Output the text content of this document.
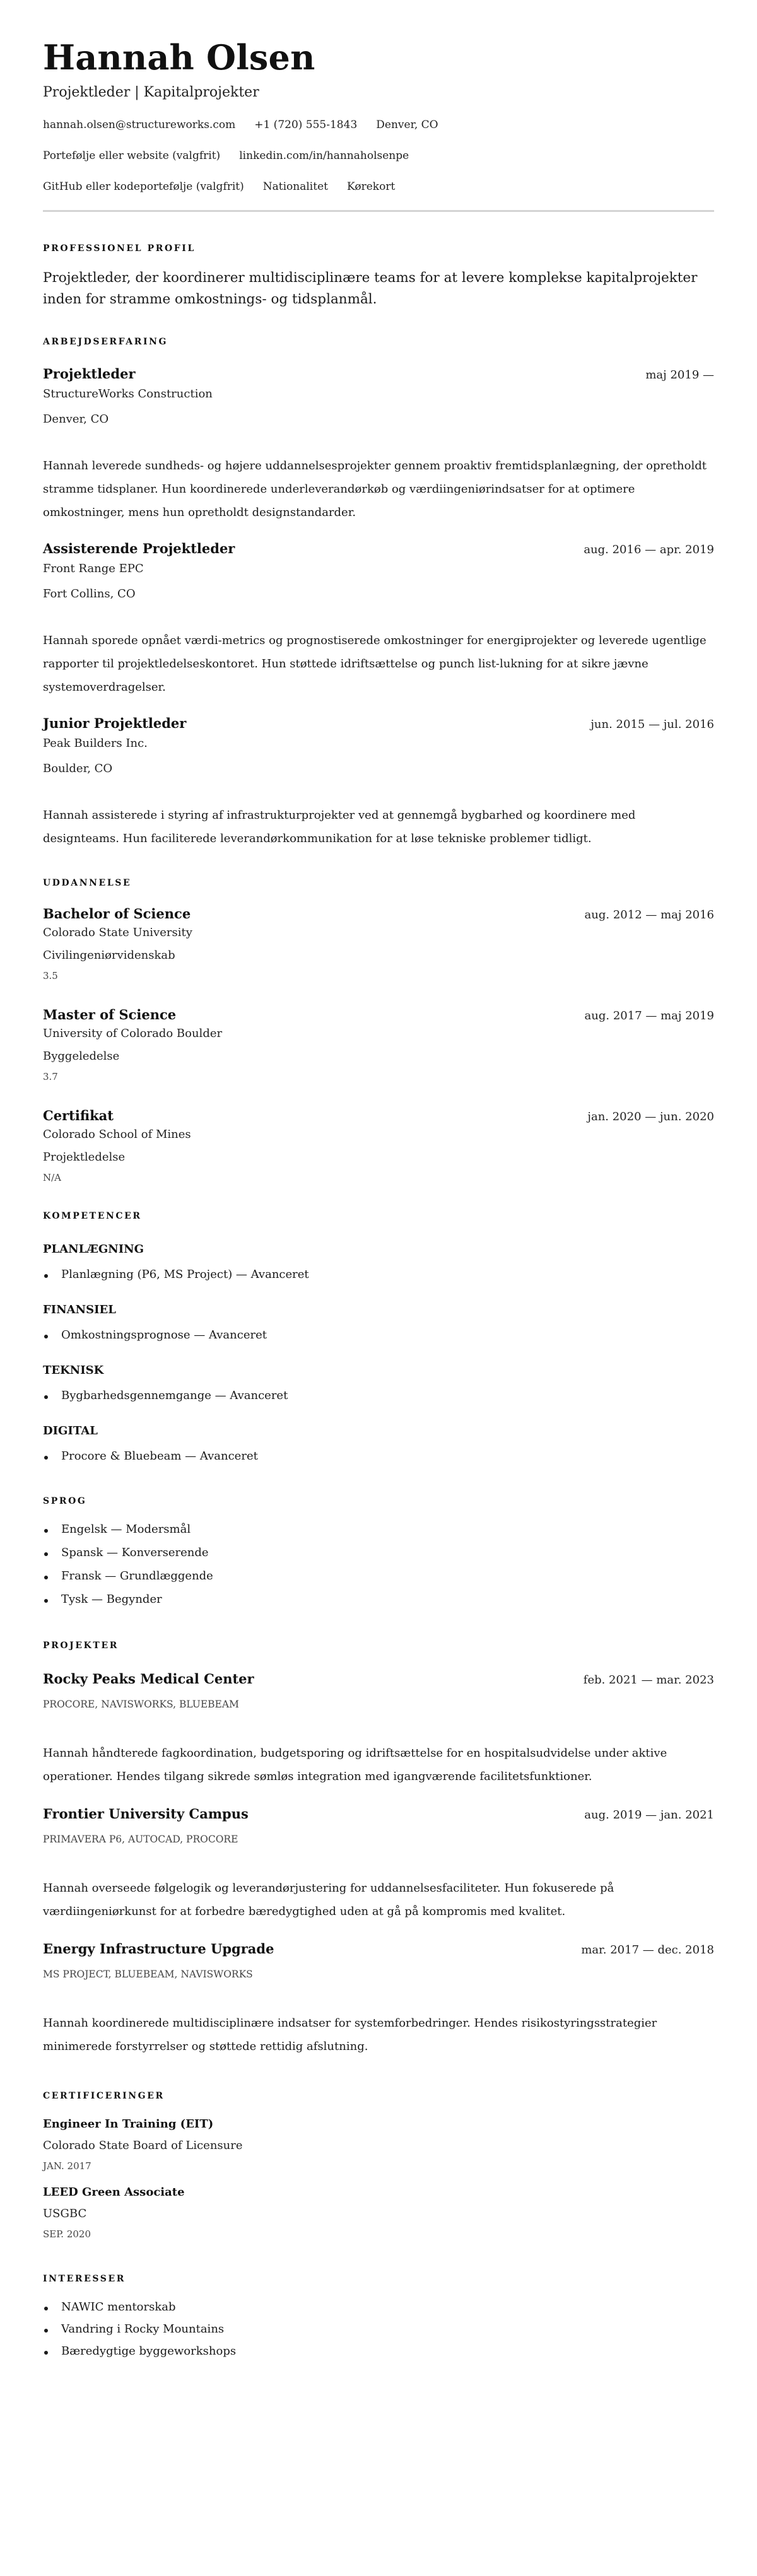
Hannah Olsen
Projektleder | Kapitalprojekter
hannah.olsen@structureworks.com +1 (720) 555-1843 Denver, CO
Portefølje eller website (valgfrit) linkedin.com/in/hannaholsenpe
GitHub eller kodeportefølje (valgfrit) Nationalitet Kørekort
PROFESSIONEL PROFIL

Projektleder, der koordinerer multidisciplinære teams for at levere komplekse kapitalprojekter inden for stramme omkostnings- og tidsplanmål.

ARBEJDSERFARING
Projektleder	maj 2019 —
StructureWorks Construction
Denver, CO

Hannah leverede sundheds- og højere uddannelsesprojekter gennem proaktiv fremtidsplanlægning, der opretholdt stramme tidsplaner. Hun koordinerede underleverandørkøb og værdiingeniørindsatser for at optimere omkostninger, mens hun opretholdt designstandarder.

Assisterende Projektleder	aug. 2016 — apr. 2019
Front Range EPC
Fort Collins, CO

Hannah sporede opnået værdi-metrics og prognostiserede omkostninger for energiprojekter og leverede ugentlige rapporter til projektledelseskontoret. Hun støttede idriftsættelse og punch list-lukning for at sikre jævne systemoverdragelser.

Junior Projektleder	jun. 2015 — jul. 2016
Peak Builders Inc.
Boulder, CO

Hannah assisterede i styring af infrastrukturprojekter ved at gennemgå bygbarhed og koordinere med designteams. Hun faciliterede leverandørkommunikation for at løse tekniske problemer tidligt.

UDDANNELSE
Bachelor of Science	aug. 2012 — maj 2016
Colorado State University
Civilingeniørvidenskab
3.5
Master of Science	aug. 2017 — maj 2019
University of Colorado Boulder
Byggeledelse
3.7
Certifikat	jan. 2020 — jun. 2020
Colorado School of Mines
Projektledelse
N/A
KOMPETENCER
PLANLÆGNING
Planlægning (P6, MS Project) — Avanceret
FINANSIEL
Omkostningsprognose — Avanceret
TEKNISK
Bygbarhedsgennemgange — Avanceret
DIGITAL
Procore & Bluebeam — Avanceret
SPROG
Engelsk — Modersmål
Spansk — Konverserende
Fransk — Grundlæggende
Tysk — Begynder
PROJEKTER
Rocky Peaks Medical Center	feb. 2021 — mar. 2023
PROCORE, NAVISWORKS, BLUEBEAM

Hannah håndterede fagkoordination, budgetsporing og idriftsættelse for en hospitalsudvidelse under aktive operationer. Hendes tilgang sikrede sømløs integration med igangværende facilitetsfunktioner.

Frontier University Campus	aug. 2019 — jan. 2021
PRIMAVERA P6, AUTOCAD, PROCORE

Hannah overseede følgelogik og leverandørjustering for uddannelsesfaciliteter. Hun fokuserede på værdiingeniørkunst for at forbedre bæredygtighed uden at gå på kompromis med kvalitet.

Energy Infrastructure Upgrade	mar. 2017 — dec. 2018
MS PROJECT, BLUEBEAM, NAVISWORKS

Hannah koordinerede multidisciplinære indsatser for systemforbedringer. Hendes risikostyringsstrategier minimerede forstyrrelser og støttede rettidig afslutning.

CERTIFICERINGER
Engineer In Training (EIT)
Colorado State Board of Licensure
JAN. 2017
LEED Green Associate
USGBC
SEP. 2020
INTERESSER
NAWIC mentorskab
Vandring i Rocky Mountains
Bæredygtige byggeworkshops
